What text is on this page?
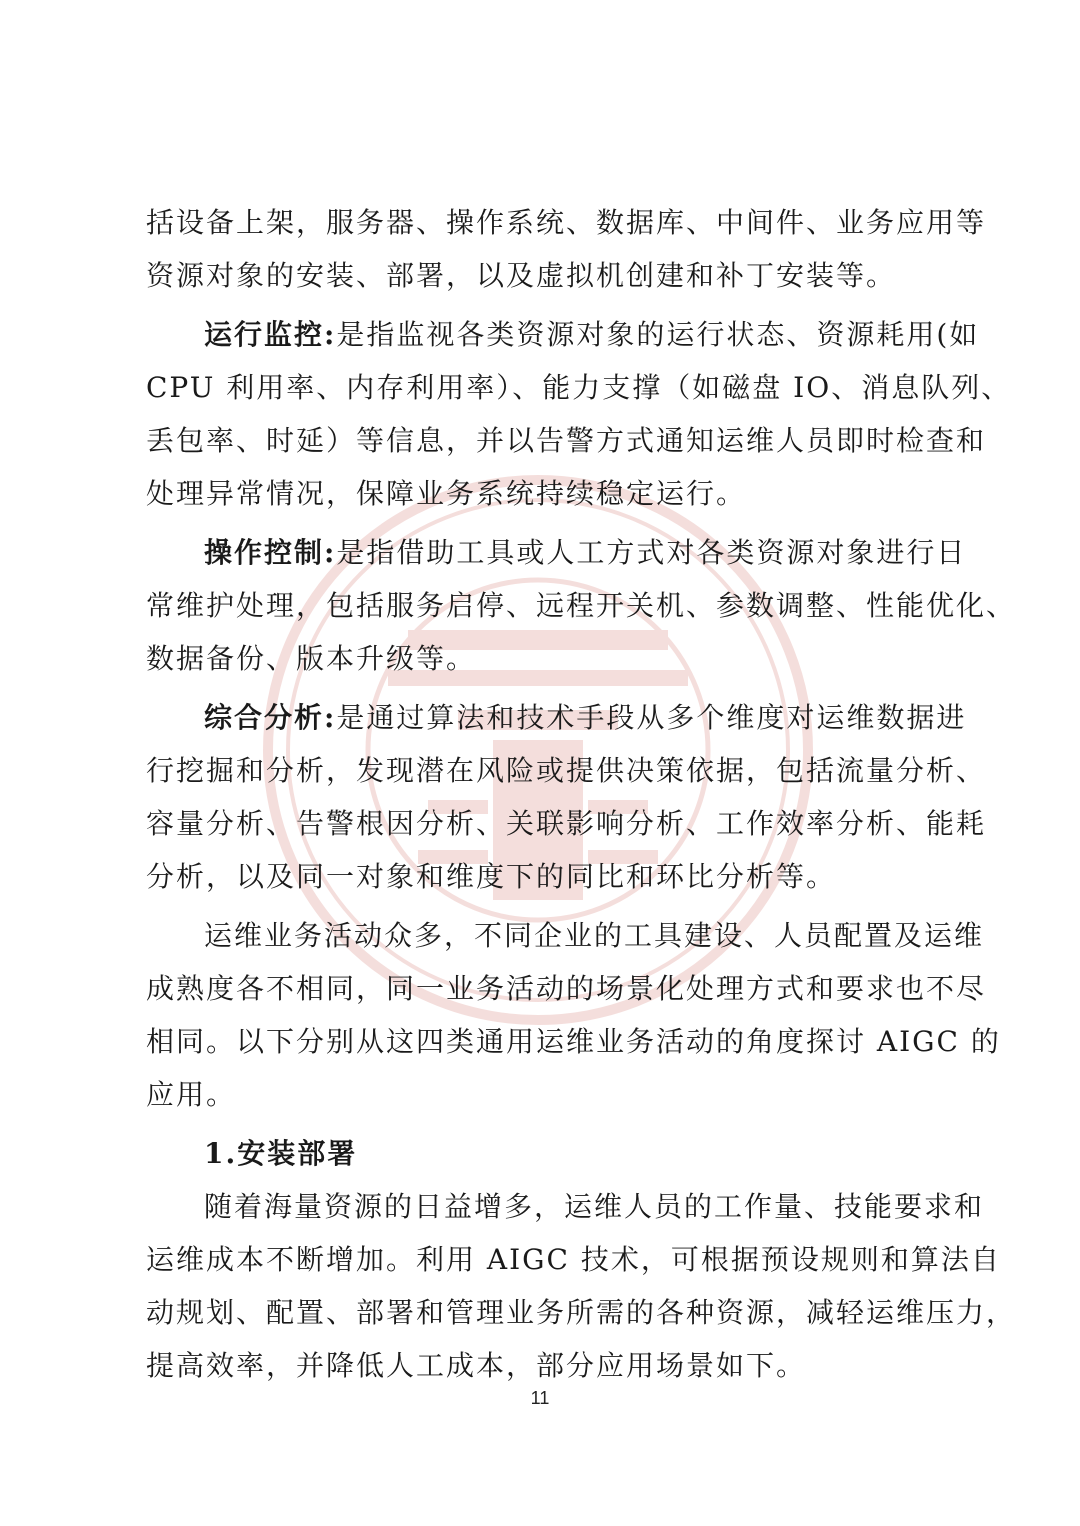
括设备上架，服务器、操作系统、数据库、中间件、业务应用等
资源对象的安装、部署，以及虚拟机创建和补丁安装等。
运行监控:是指监视各类资源对象的运行状态、资源耗用(如
CPU 利用率、内存利用率）、能力支撑（如磁盘 IO、消息队列、
丢包率、时延）等信息，并以告警方式通知运维人员即时检查和
处理异常情况，保障业务系统持续稳定运行。
操作控制:是指借助工具或人工方式对各类资源对象进行日
常维护处理，包括服务启停、远程开关机、参数调整、性能优化、
数据备份、版本升级等。
综合分析:是通过算法和技术手段从多个维度对运维数据进
行挖掘和分析，发现潜在风险或提供决策依据，包括流量分析、
容量分析、告警根因分析、关联影响分析、工作效率分析、能耗
分析，以及同一对象和维度下的同比和环比分析等。
运维业务活动众多，不同企业的工具建设、人员配置及运维
成熟度各不相同，同一业务活动的场景化处理方式和要求也不尽
相同。以下分别从这四类通用运维业务活动的角度探讨 AIGC 的
应用。
1.安装部署
随着海量资源的日益增多，运维人员的工作量、技能要求和
运维成本不断增加。利用 AIGC 技术，可根据预设规则和算法自
动规划、配置、部署和管理业务所需的各种资源，减轻运维压力，
提高效率，并降低人工成本，部分应用场景如下。
11
